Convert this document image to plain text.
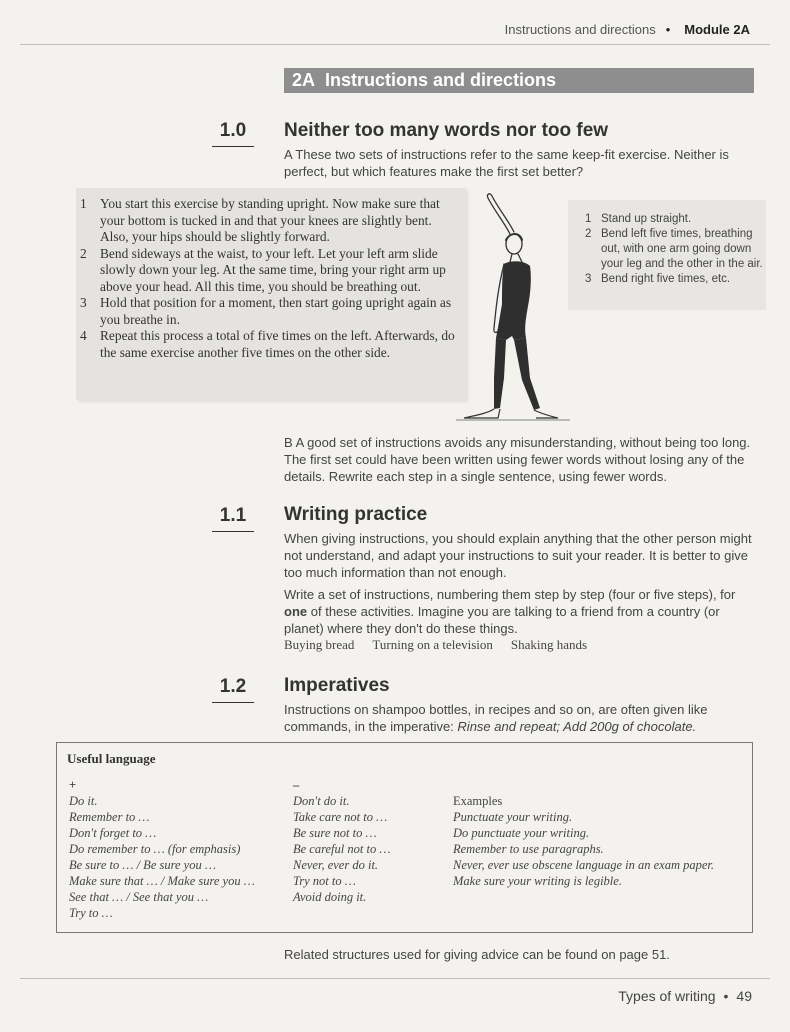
Instructions and directions • Module 2A
2A Instructions and directions
1.0	Neither too many words nor too few
A These two sets of instructions refer to the same keep-fit exercise. Neither is perfect, but which features make the first set better?
1 You start this exercise by standing upright. Now make sure that your bottom is tucked in and that your knees are slightly bent. Also, your hips should be slightly forward.
2 Bend sideways at the waist, to your left. Let your left arm slide slowly down your leg. At the same time, bring your right arm up above your head. All this time, you should be breathing out.
3 Hold that position for a moment, then start going upright again as you breathe in.
4 Repeat this process a total of five times on the left. Afterwards, do the same exercise another five times on the other side.
1 Stand up straight.
2 Bend left five times, breathing out, with one arm going down your leg and the other in the air.
3 Bend right five times, etc.
B A good set of instructions avoids any misunderstanding, without being too long. The first set could have been written using fewer words without losing any of the details. Rewrite each step in a single sentence, using fewer words.
1.1	Writing practice
When giving instructions, you should explain anything that the other person might not understand, and adapt your instructions to suit your reader. It is better to give too much information than not enough.
Write a set of instructions, numbering them step by step (four or five steps), for one of these activities. Imagine you are talking to a friend from a country (or planet) where they don't do these things.
Buying bread Turning on a television Shaking hands
1.2	Imperatives
Instructions on shampoo bottles, in recipes and so on, are often given like commands, in the imperative: Rinse and repeat; Add 200g of chocolate.
Useful language
+
Do it.
Remember to …
Don't forget to …
Do remember to … (for emphasis)
Be sure to … / Be sure you …
Make sure that … / Make sure you …
See that … / See that you …
Try to …
–
Don't do it.
Take care not to …
Be sure not to …
Be careful not to …
Never, ever do it.
Try not to …
Avoid doing it.
Examples
Punctuate your writing.
Do punctuate your writing.
Remember to use paragraphs.
Never, ever use obscene language in an exam paper.
Make sure your writing is legible.
Related structures used for giving advice can be found on page 51.
Types of writing • 49
